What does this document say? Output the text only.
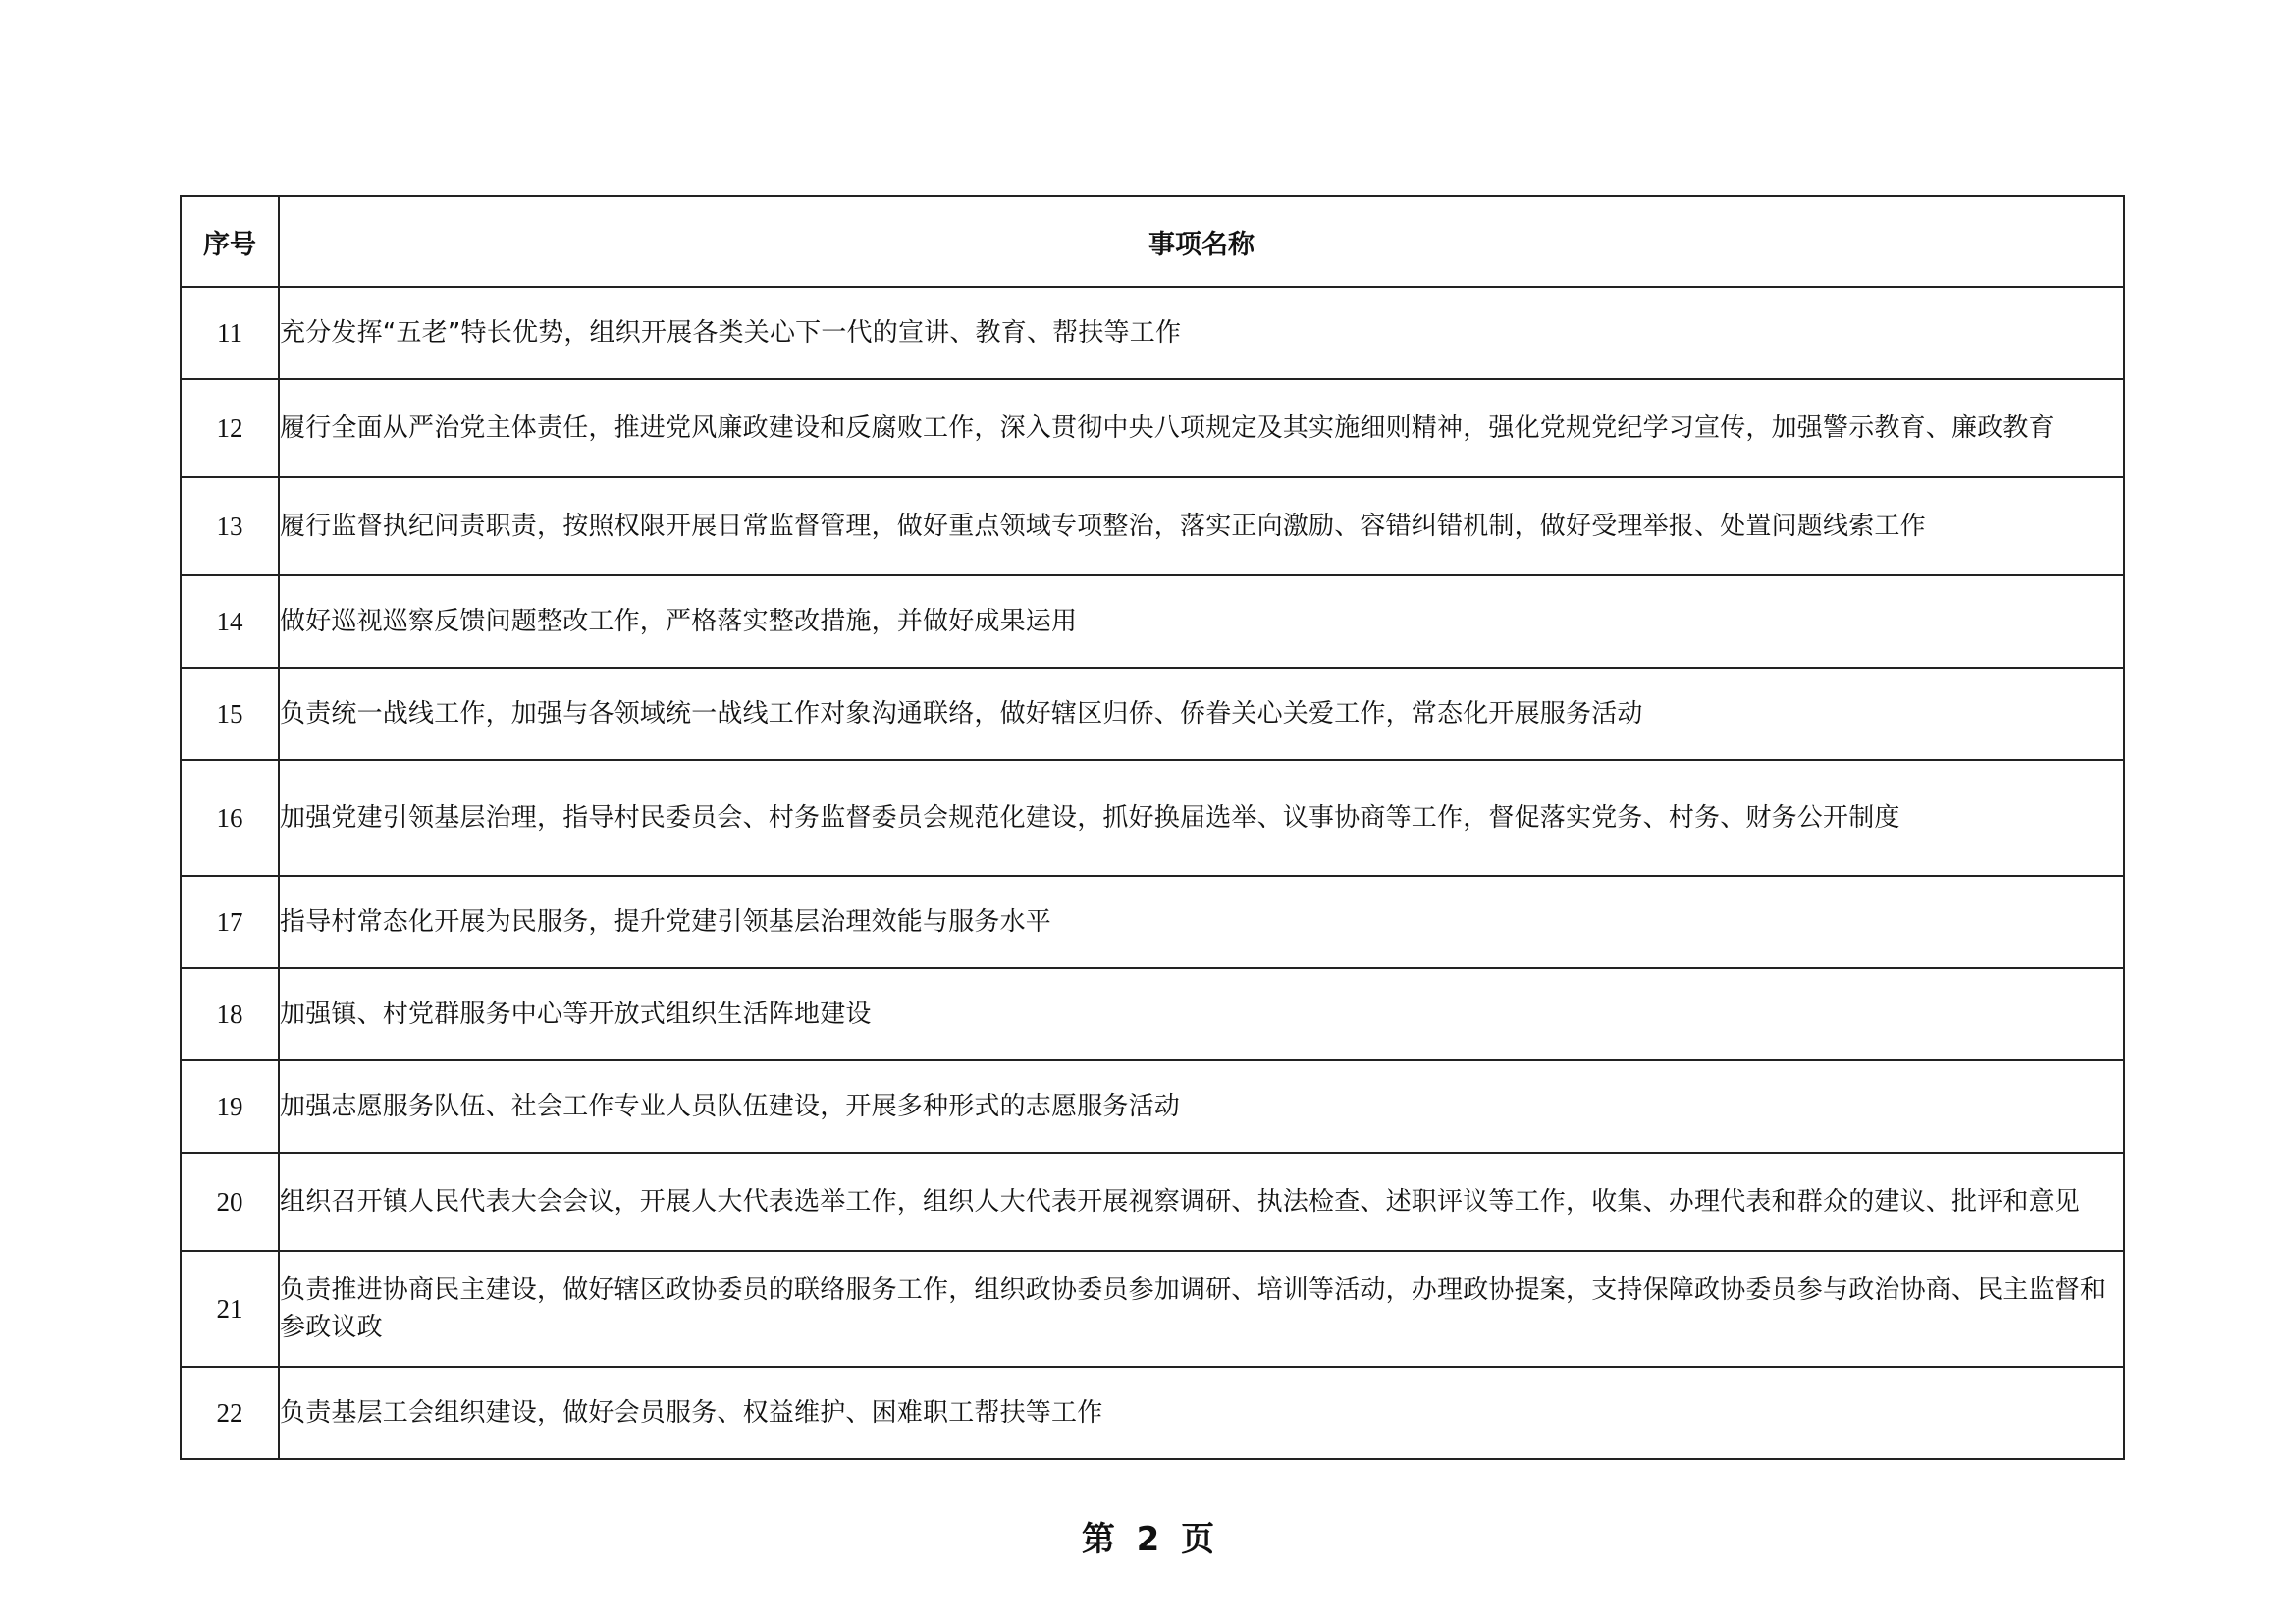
序号	事项名称
11	充分发挥“五老”特长优势，组织开展各类关心下一代的宣讲、教育、帮扶等工作
12	履行全面从严治党主体责任，推进党风廉政建设和反腐败工作，深入贯彻中央八项规定及其实施细则精神，强化党规党纪学习宣传，加强警示教育、廉政教育
13	履行监督执纪问责职责，按照权限开展日常监督管理，做好重点领域专项整治，落实正向激励、容错纠错机制，做好受理举报、处置问题线索工作
14	做好巡视巡察反馈问题整改工作，严格落实整改措施，并做好成果运用
15	负责统一战线工作，加强与各领域统一战线工作对象沟通联络，做好辖区归侨、侨眷关心关爱工作，常态化开展服务活动
16	加强党建引领基层治理，指导村民委员会、村务监督委员会规范化建设，抓好换届选举、议事协商等工作，督促落实党务、村务、财务公开制度
17	指导村常态化开展为民服务，提升党建引领基层治理效能与服务水平
18	加强镇、村党群服务中心等开放式组织生活阵地建设
19	加强志愿服务队伍、社会工作专业人员队伍建设，开展多种形式的志愿服务活动
20	组织召开镇人民代表大会会议，开展人大代表选举工作，组织人大代表开展视察调研、执法检查、述职评议等工作，收集、办理代表和群众的建议、批评和意见
21	负责推进协商民主建设，做好辖区政协委员的联络服务工作，组织政协委员参加调研、培训等活动，办理政协提案，支持保障政协委员参与政治协商、民主监督和参政议政
22	负责基层工会组织建设，做好会员服务、权益维护、困难职工帮扶等工作
第 2 页
